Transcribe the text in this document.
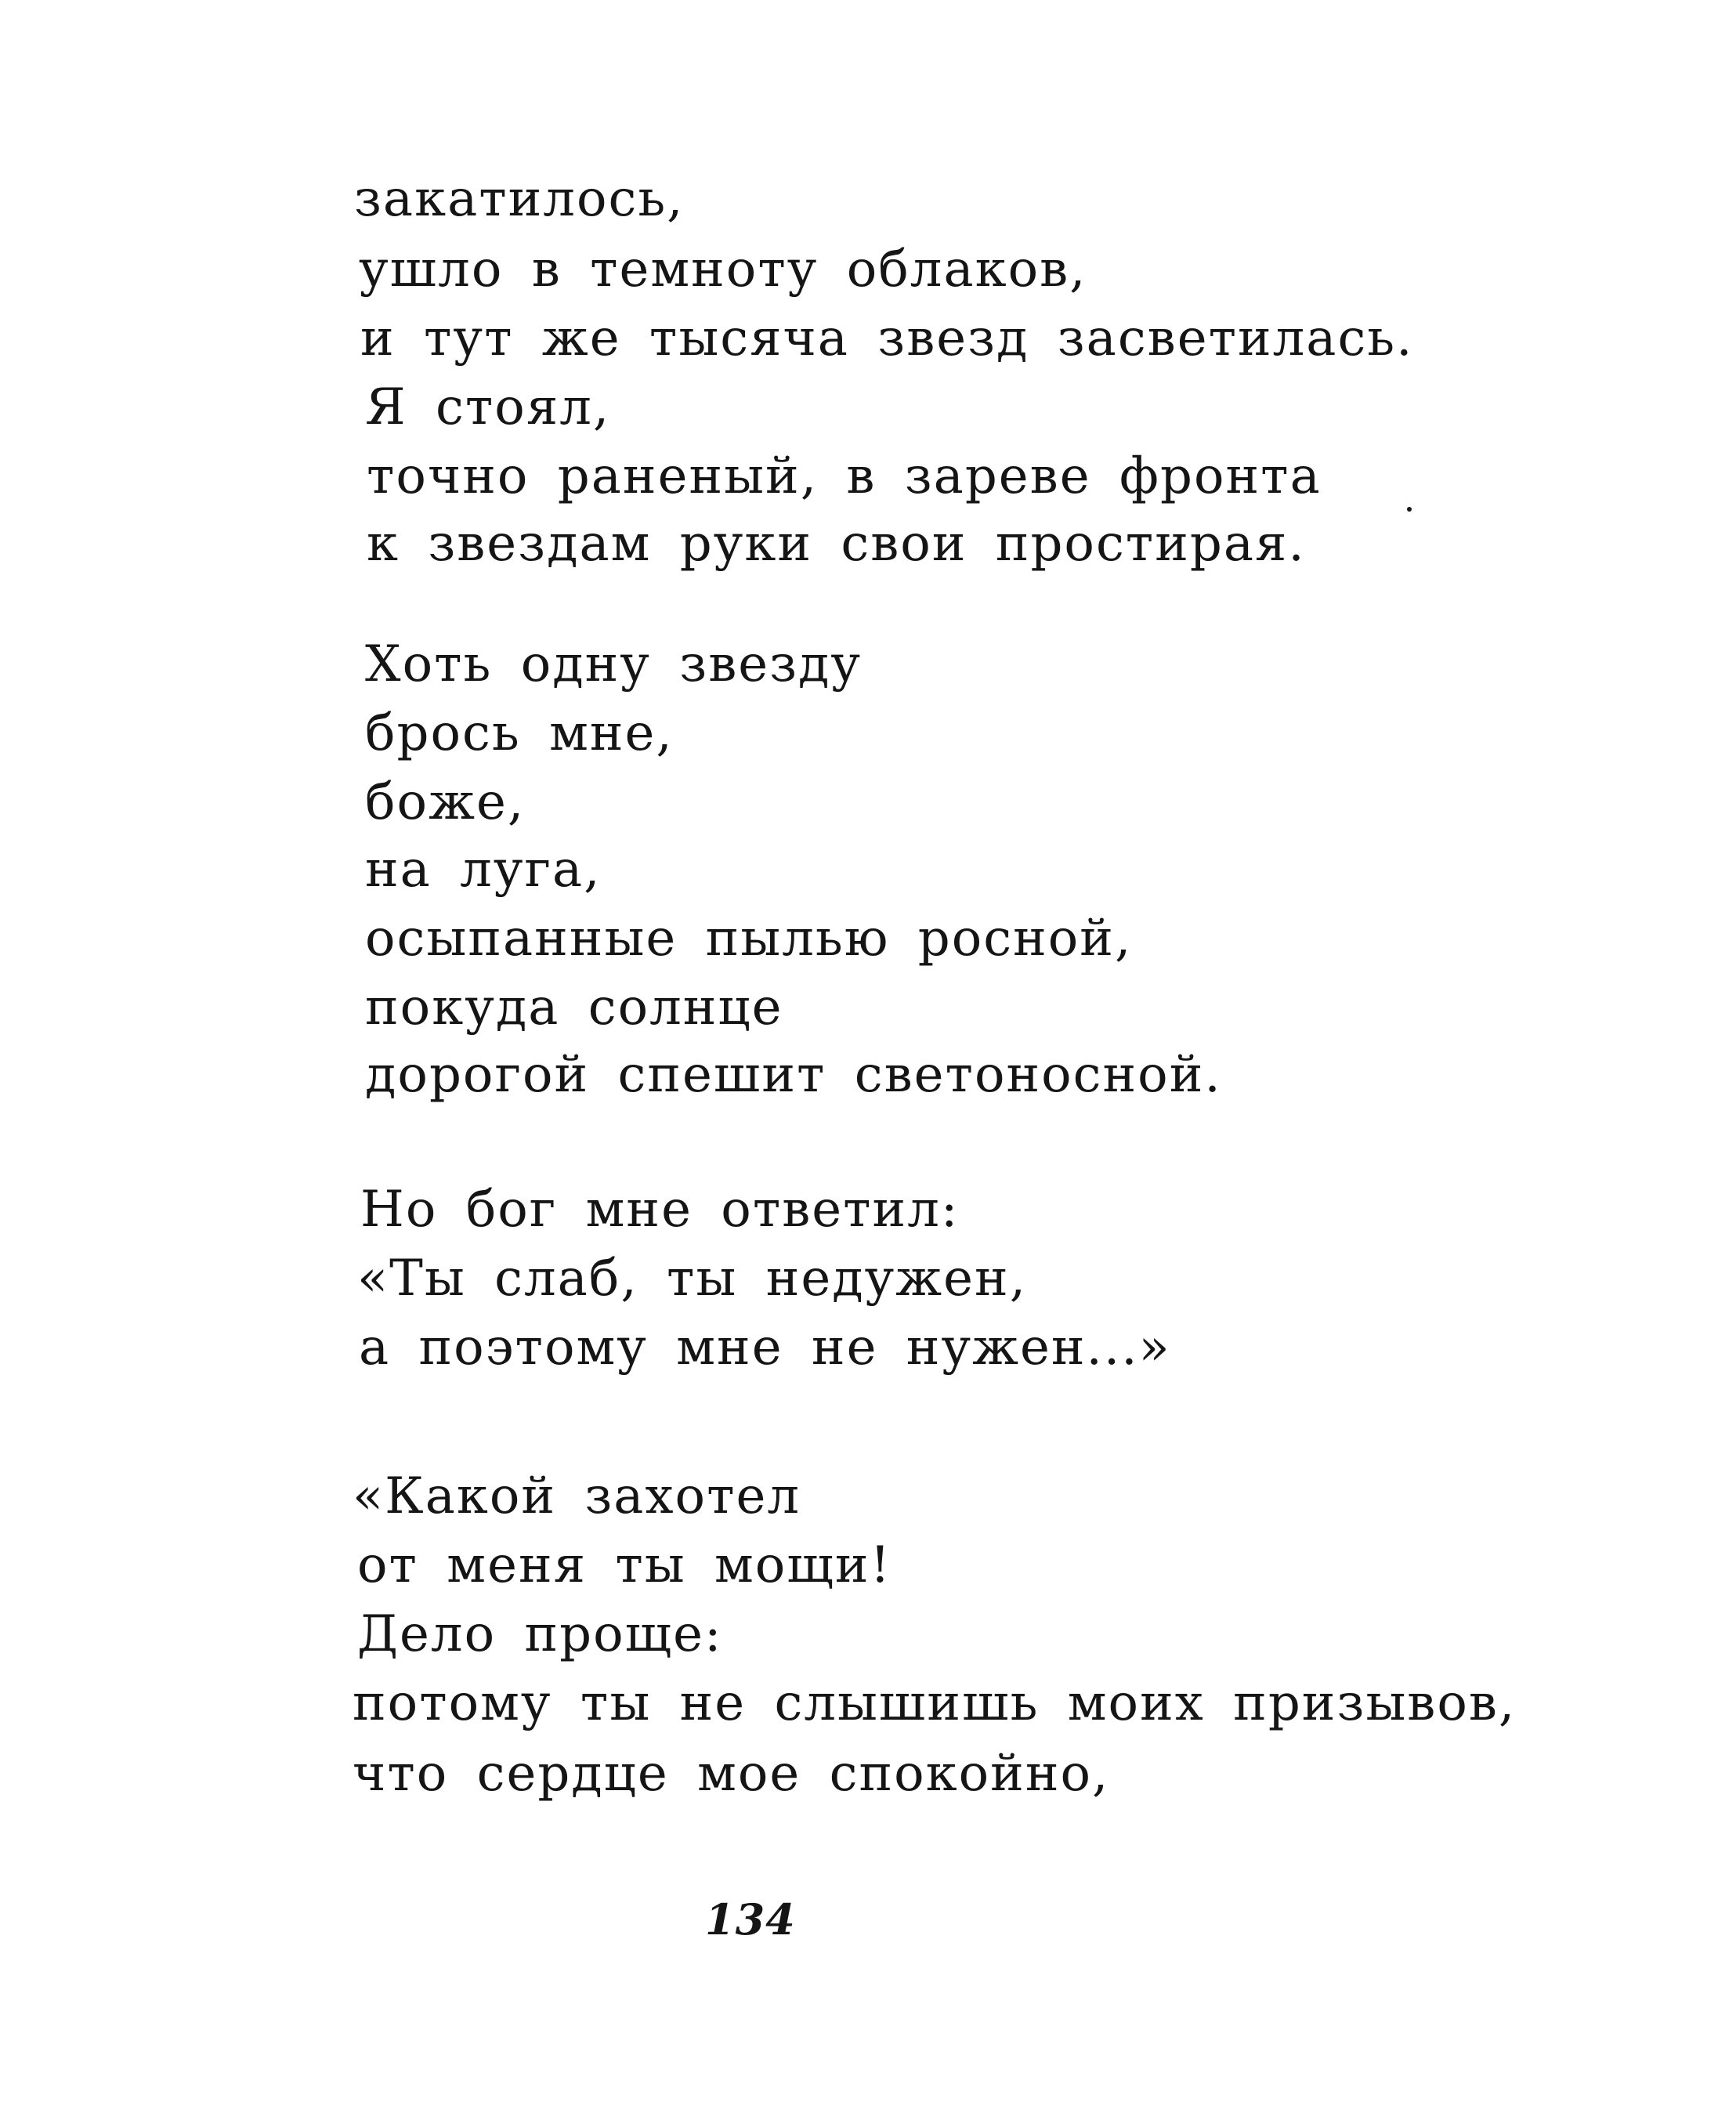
закатилось,
ушло в темноту облаков,
и тут же тысяча звезд засветилась.
Я стоял,
точно раненый, в зареве фронта
к звездам руки свои простирая.
Хоть одну звезду
брось мне,
боже,
на луга,
осыпанные пылью росной,
покуда солнце
дорогой спешит светоносной.
Но бог мне ответил:
«Ты слаб, ты недужен,
а поэтому мне не нужен...»
«Какой захотел
от меня ты мощи!
Дело проще:
потому ты не слышишь моих призывов,
что сердце мое спокойно,
134
